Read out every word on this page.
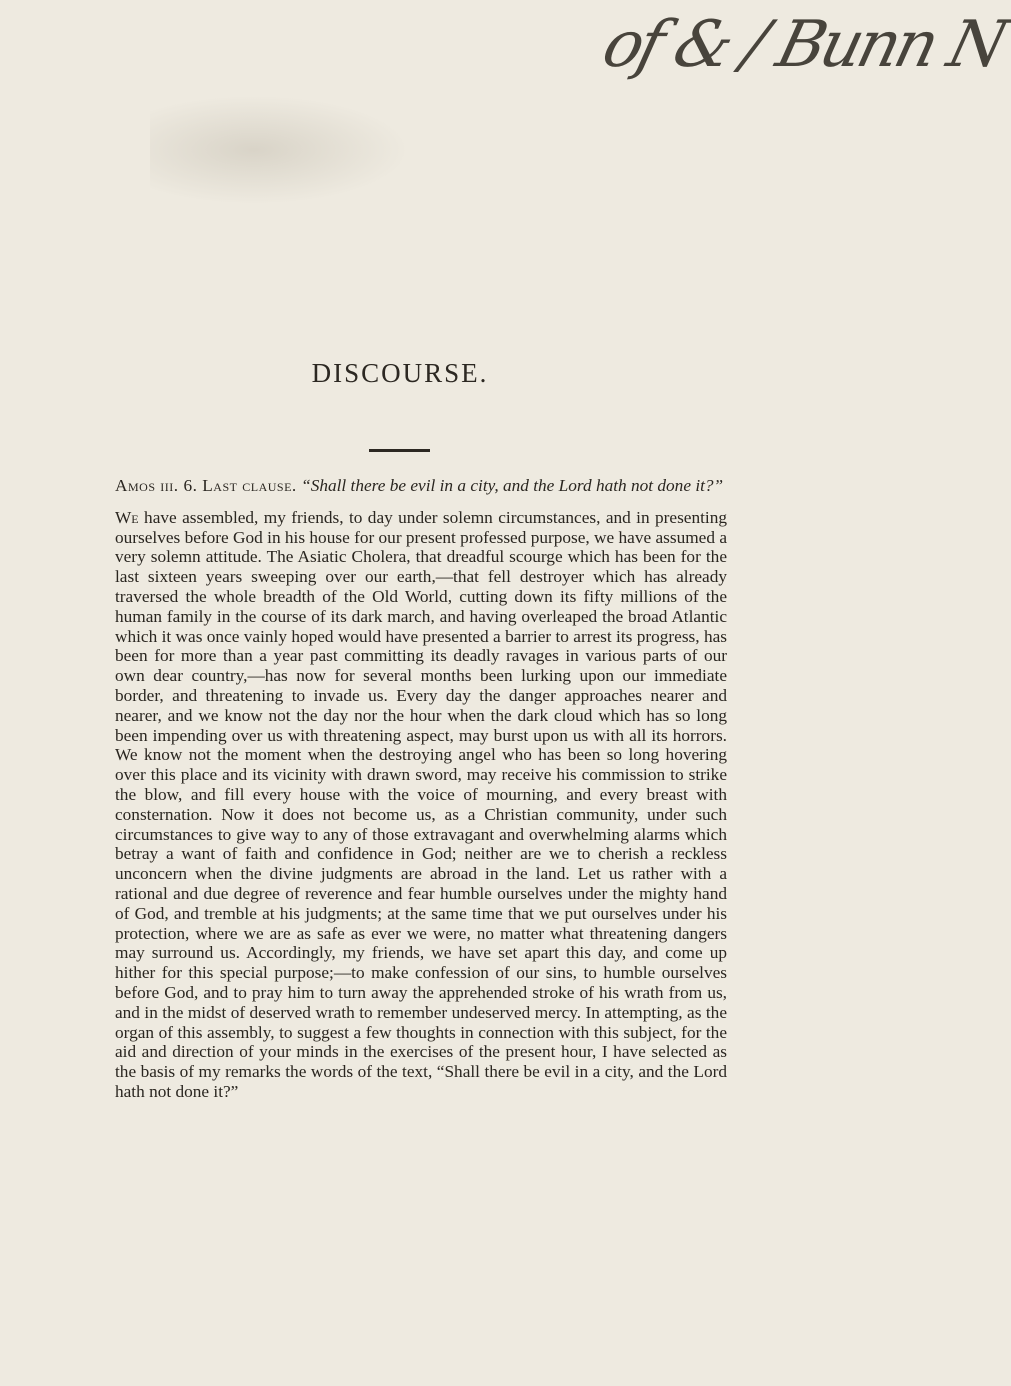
of & / Bunn N
DISCOURSE.

Amos iii. 6. Last clause. “Shall there be evil in a city, and the Lord hath not done it?”

We have assembled, my friends, to day under solemn circumstances, and in presenting ourselves before God in his house for our present professed purpose, we have assumed a very solemn attitude. The Asiatic Cholera, that dreadful scourge which has been for the last sixteen years sweeping over our earth,—that fell destroyer which has already traversed the whole breadth of the Old World, cutting down its fifty millions of the human family in the course of its dark march, and having overleaped the broad Atlantic which it was once vainly hoped would have presented a barrier to arrest its progress, has been for more than a year past committing its deadly ravages in various parts of our own dear country,—has now for several months been lurking upon our immediate border, and threatening to invade us. Every day the danger approaches nearer and nearer, and we know not the day nor the hour when the dark cloud which has so long been impending over us with threatening aspect, may burst upon us with all its horrors. We know not the moment when the destroying angel who has been so long hovering over this place and its vicinity with drawn sword, may receive his commission to strike the blow, and fill every house with the voice of mourning, and every breast with consternation. Now it does not become us, as a Christian community, under such circumstances to give way to any of those extravagant and overwhelming alarms which betray a want of faith and confidence in God; neither are we to cherish a reckless unconcern when the divine judgments are abroad in the land. Let us rather with a rational and due degree of reverence and fear humble ourselves under the mighty hand of God, and tremble at his judgments; at the same time that we put ourselves under his protection, where we are as safe as ever we were, no matter what threatening dangers may surround us. Accordingly, my friends, we have set apart this day, and come up hither for this special purpose;—to make confession of our sins, to humble ourselves before God, and to pray him to turn away the apprehended stroke of his wrath from us, and in the midst of deserved wrath to remember undeserved mercy. In attempting, as the organ of this assembly, to suggest a few thoughts in connection with this subject, for the aid and direction of your minds in the exercises of the present hour, I have selected as the basis of my remarks the words of the text, “Shall there be evil in a city, and the Lord hath not done it?”
